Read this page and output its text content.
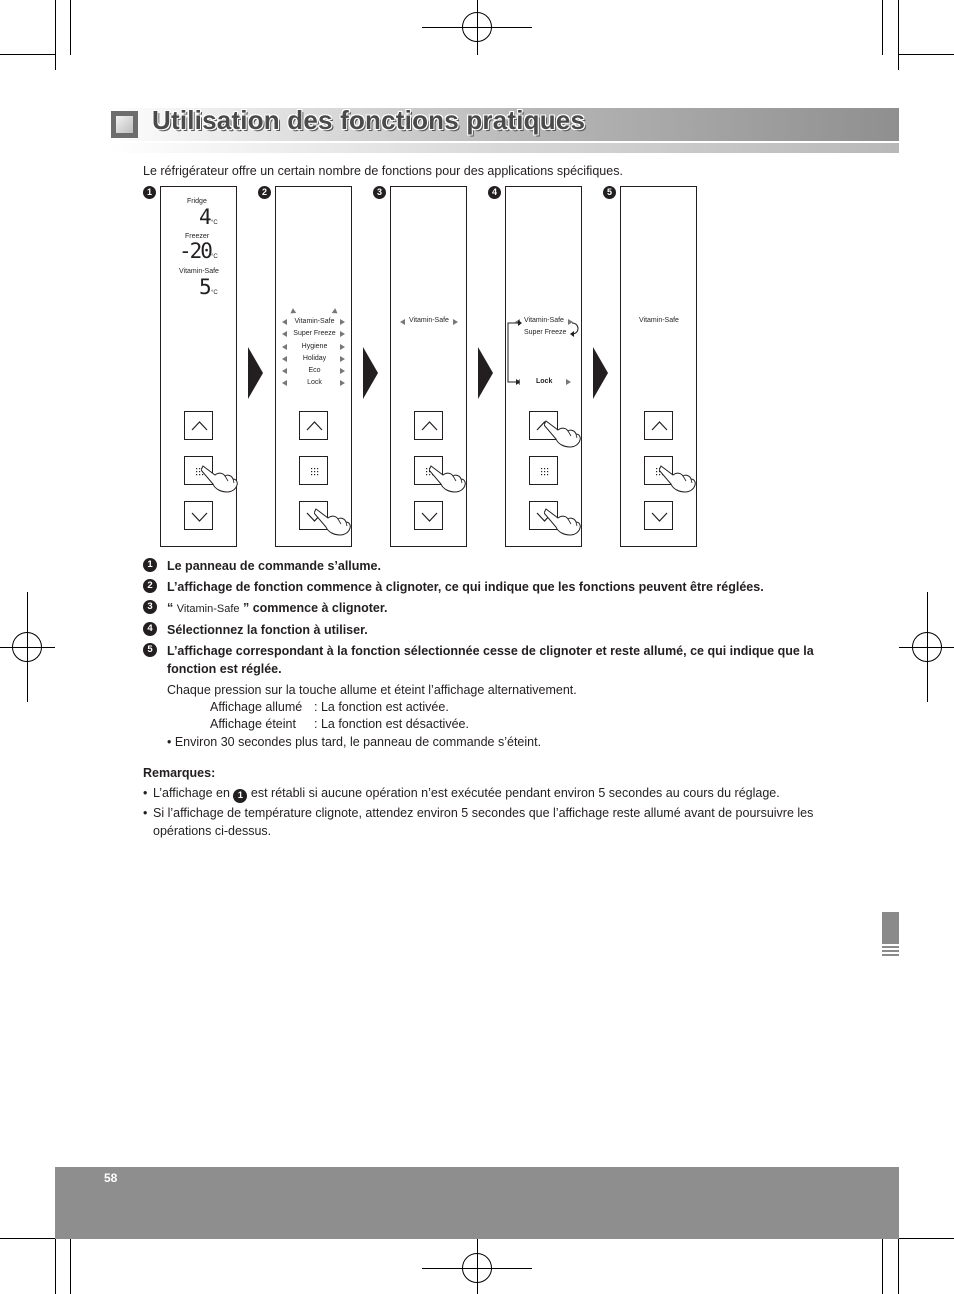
Utilisation des fonctions pratiques
Le réfrigérateur offre un certain nombre de fonctions pour des applications spécifiques.
1	2	3	4	5
Fridge
4 °C
Freezer
-20 °C
Vitamin-Safe
5 °C
Vitamin-Safe
Super Freeze
Hygiene
Holiday
Eco
Lock
Vitamin-Safe	Vitamin-Safe
Super Freeze
Lock
Vitamin-Safe
1	Le panneau de commande s’allume.
2	L’affichage de fonction commence à clignoter, ce qui indique que les fonctions peuvent être réglées.
3	“ Vitamin-Safe ” commence à clignoter.
4	Sélectionnez la fonction à utiliser.
5	L’affichage correspondant à la fonction sélectionnée cesse de clignoter et reste allumé, ce qui indique que la fonction est réglée.
Chaque pression sur la touche allume et éteint l’affichage alternativement.
Affichage allumé : La fonction est activée.
Affichage éteint : La fonction est désactivée.
• Environ 30 secondes plus tard, le panneau de commande s’éteint.
Remarques:
• L’affichage en 1 est rétabli si aucune opération n’est exécutée pendant environ 5 secondes au cours du réglage.
• Si l’affichage de température clignote, attendez environ 5 secondes que l’affichage reste allumé avant de poursuivre les
opérations ci-dessus.
58
